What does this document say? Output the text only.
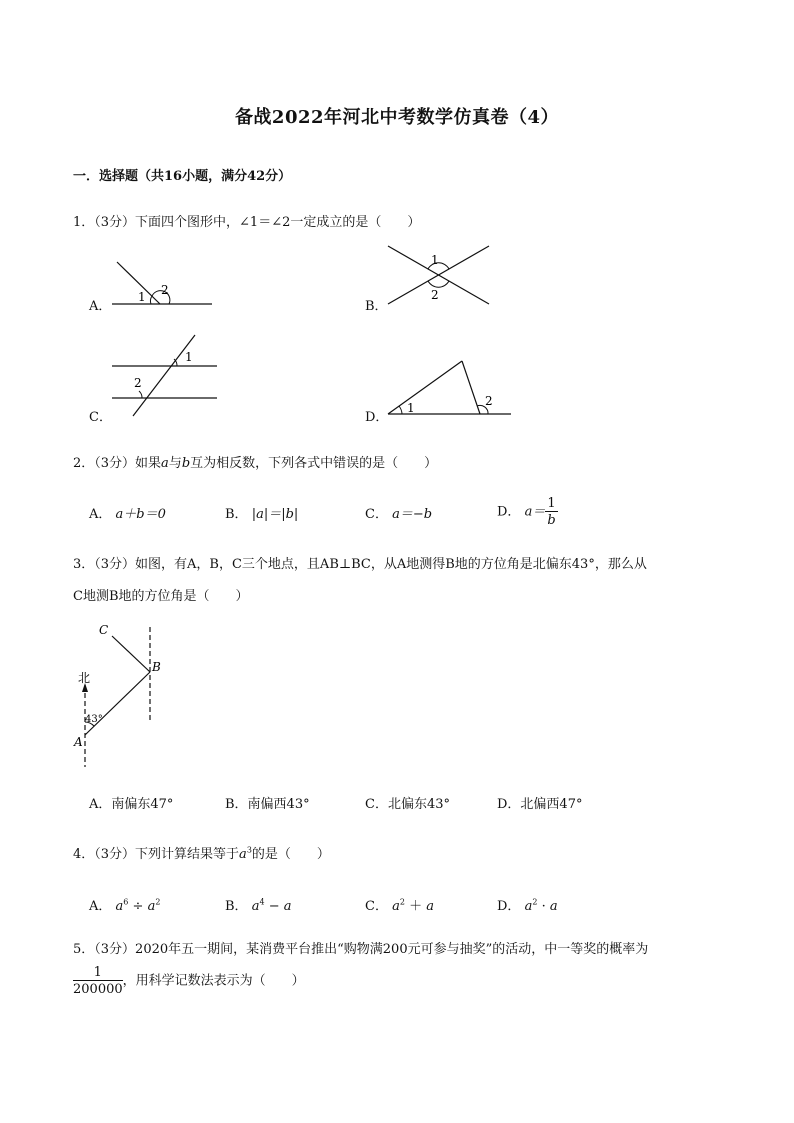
备战2022年河北中考数学仿真卷（4）
一．选择题（共16小题，满分42分）
1．（3分）下面四个图形中，∠1＝∠2一定成立的是（　　）
A．
1 2
B．
1
2
C．
1
2
D．
1	2
2．（3分）如果a与b互为相反数，下列各式中错误的是（　　）
A． a＋b＝0	B． |a|＝|b|	C． a＝−b	D． $a= \frac{1}{b}$
3．（3分）如图，有A，B，C三个地点，且AB⊥BC，从A地测得B地的方位角是北偏东43°，那么从
C地测B地的方位角是（　　）
北
43°
A
B
C
A．南偏东47°	B．南偏西43°	C．北偏东43°	D．北偏西47°
4．（3分）下列计算结果等于$a^3$的是（　　）
A． $a^6 \div a^2$	B． $a^4 - a$	C． $a^2 + a$	D． $a^2 \cdot a$
5．（3分）2020年五一期间，某消费平台推出“购物满200元可参与抽奖”的活动，中一等奖的概率为
$\frac{1}{200000}$ ，用科学记数法表示为（　　）
